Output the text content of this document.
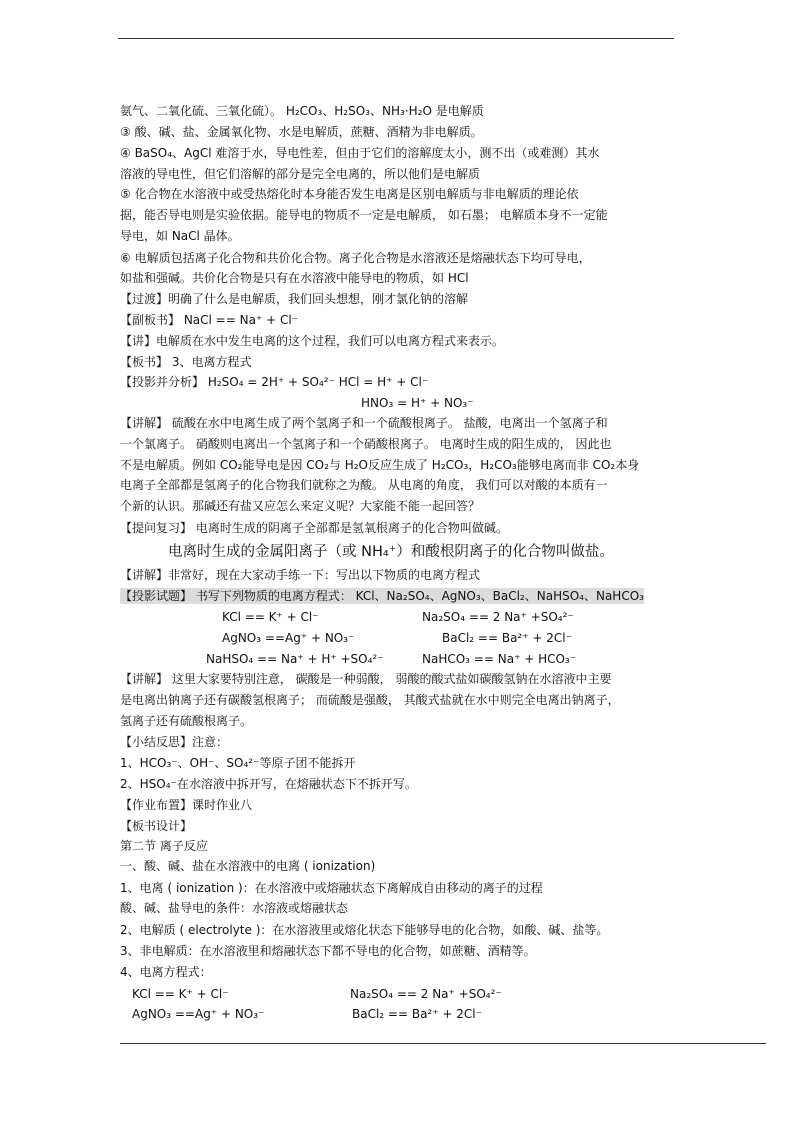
氨气、二氧化硫、三氧化硫）。 H₂CO₃、H₂SO₃、NH₃·H₂O 是电解质
③ 酸、碱、盐、金属氧化物、水是电解质，蔗糖、酒精为非电解质。
④ BaSO₄、AgCl 难溶于水，导电性差，但由于它们的溶解度太小，测不出（或难测）其水
溶液的导电性，但它们溶解的部分是完全电离的，所以他们是电解质
⑤ 化合物在水溶液中或受热熔化时本身能否发生电离是区别电解质与非电解质的理论依
据，能否导电则是实验依据。能导电的物质不一定是电解质， 如石墨； 电解质本身不一定能
导电，如 NaCl 晶体。
⑥ 电解质包括离子化合物和共价化合物。离子化合物是水溶液还是熔融状态下均可导电，
如盐和强碱。共价化合物是只有在水溶液中能导电的物质，如 HCl
【过渡】明确了什么是电解质，我们回头想想，刚才氯化钠的溶解
【副板书】 NaCl == Na⁺ + Cl⁻
【讲】电解质在水中发生电离的这个过程，我们可以电离方程式来表示。
【板书】 3、电离方程式
【投影并分析】 H₂SO₄ = 2H⁺ + SO₄²⁻ HCl = H⁺ + Cl⁻
HNO₃ = H⁺ + NO₃⁻
【讲解】 硫酸在水中电离生成了两个氢离子和一个硫酸根离子。 盐酸，电离出一个氢离子和
一个氯离子。 硝酸则电离出一个氢离子和一个硝酸根离子。 电离时生成的阳生成的， 因此也
不是电解质。例如 CO₂能导电是因 CO₂与 H₂O反应生成了 H₂CO₃，H₂CO₃能够电离而非 CO₂本身
电离子全部都是氢离子的化合物我们就称之为酸。 从电离的角度， 我们可以对酸的本质有一
个新的认识。那碱还有盐又应怎么来定义呢？大家能不能一起回答？
【提问复习】 电离时生成的阴离子全部都是氢氧根离子的化合物叫做碱。
电离时生成的金属阳离子（或 NH₄⁺）和酸根阴离子的化合物叫做盐。
【讲解】非常好，现在大家动手练一下：写出以下物质的电离方程式
【投影试题】 书写下列物质的电离方程式： KCl、Na₂SO₄、AgNO₃、BaCl₂、NaHSO₄、NaHCO₃
KCl == K⁺ + Cl⁻	Na₂SO₄ == 2 Na⁺ +SO₄²⁻
AgNO₃ ==Ag⁺ + NO₃⁻	BaCl₂ == Ba²⁺ + 2Cl⁻
NaHSO₄ == Na⁺ + H⁺ +SO₄²⁻	NaHCO₃ == Na⁺ + HCO₃⁻
【讲解】 这里大家要特别注意， 碳酸是一种弱酸， 弱酸的酸式盐如碳酸氢钠在水溶液中主要
是电离出钠离子还有碳酸氢根离子； 而硫酸是强酸， 其酸式盐就在水中则完全电离出钠离子，
氢离子还有硫酸根离子。
【小结反思】注意：
1、HCO₃⁻、OH⁻、SO₄²⁻等原子团不能拆开
2、HSO₄⁻在水溶液中拆开写，在熔融状态下不拆开写。
【作业布置】课时作业八
【板书设计】
第二节 离子反应
一、酸、碱、盐在水溶液中的电离 ( ionization)
1、电离 ( ionization )：在水溶液中或熔融状态下离解成自由移动的离子的过程
酸、碱、盐导电的条件：水溶液或熔融状态
2、电解质 ( electrolyte )：在水溶液里或熔化状态下能够导电的化合物，如酸、碱、盐等。
3、非电解质：在水溶液里和熔融状态下都不导电的化合物，如蔗糖、酒精等。
4、电离方程式：
KCl == K⁺ + Cl⁻	Na₂SO₄ == 2 Na⁺ +SO₄²⁻
AgNO₃ ==Ag⁺ + NO₃⁻	BaCl₂ == Ba²⁺ + 2Cl⁻
